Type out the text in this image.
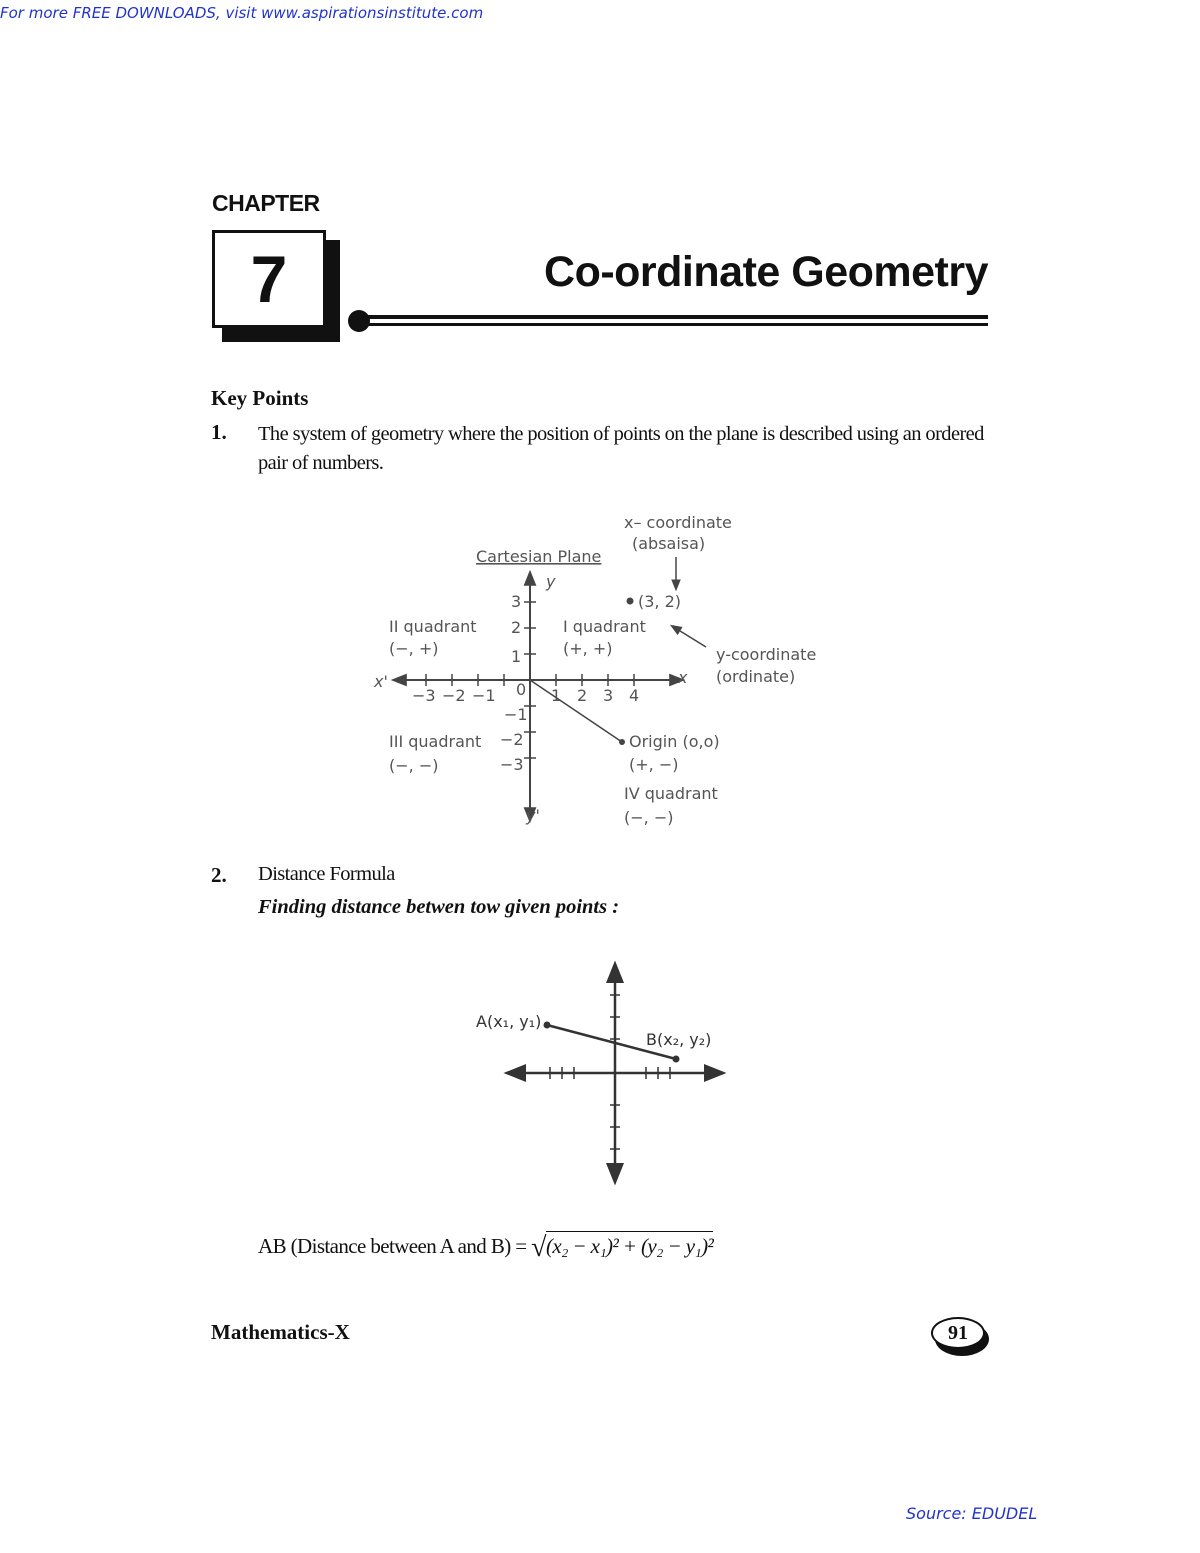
For more FREE DOWNLOADS, visit www.aspirationsinstitute.com
CHAPTER
7	Co-ordinate Geometry
Key Points
1. The system of geometry where the position of points on the plane is described using an ordered pair of numbers.
Cartesian Plane
y
x
x'
y'
0 1 2 3 4
−3 −2 −1
3
2
1
−1
−2
−3
I quadrant
(+, +)
II quadrant
(−, +)
III quadrant
(−, −)
IV quadrant
(−, −)
(3, 2)
x– coordinate
(absaisa)
y-coordinate
(ordinate)
Origin (o,o)
(+, −)
2. Distance Formula
Finding distance betwen tow given points :
A(x₁, y₁)
B(x₂, y₂)
AB (Distance between A and B) = √(x₂ − x₁)² + (y₂ − y₁)²
Mathematics-X	91
Source: EDUDEL
